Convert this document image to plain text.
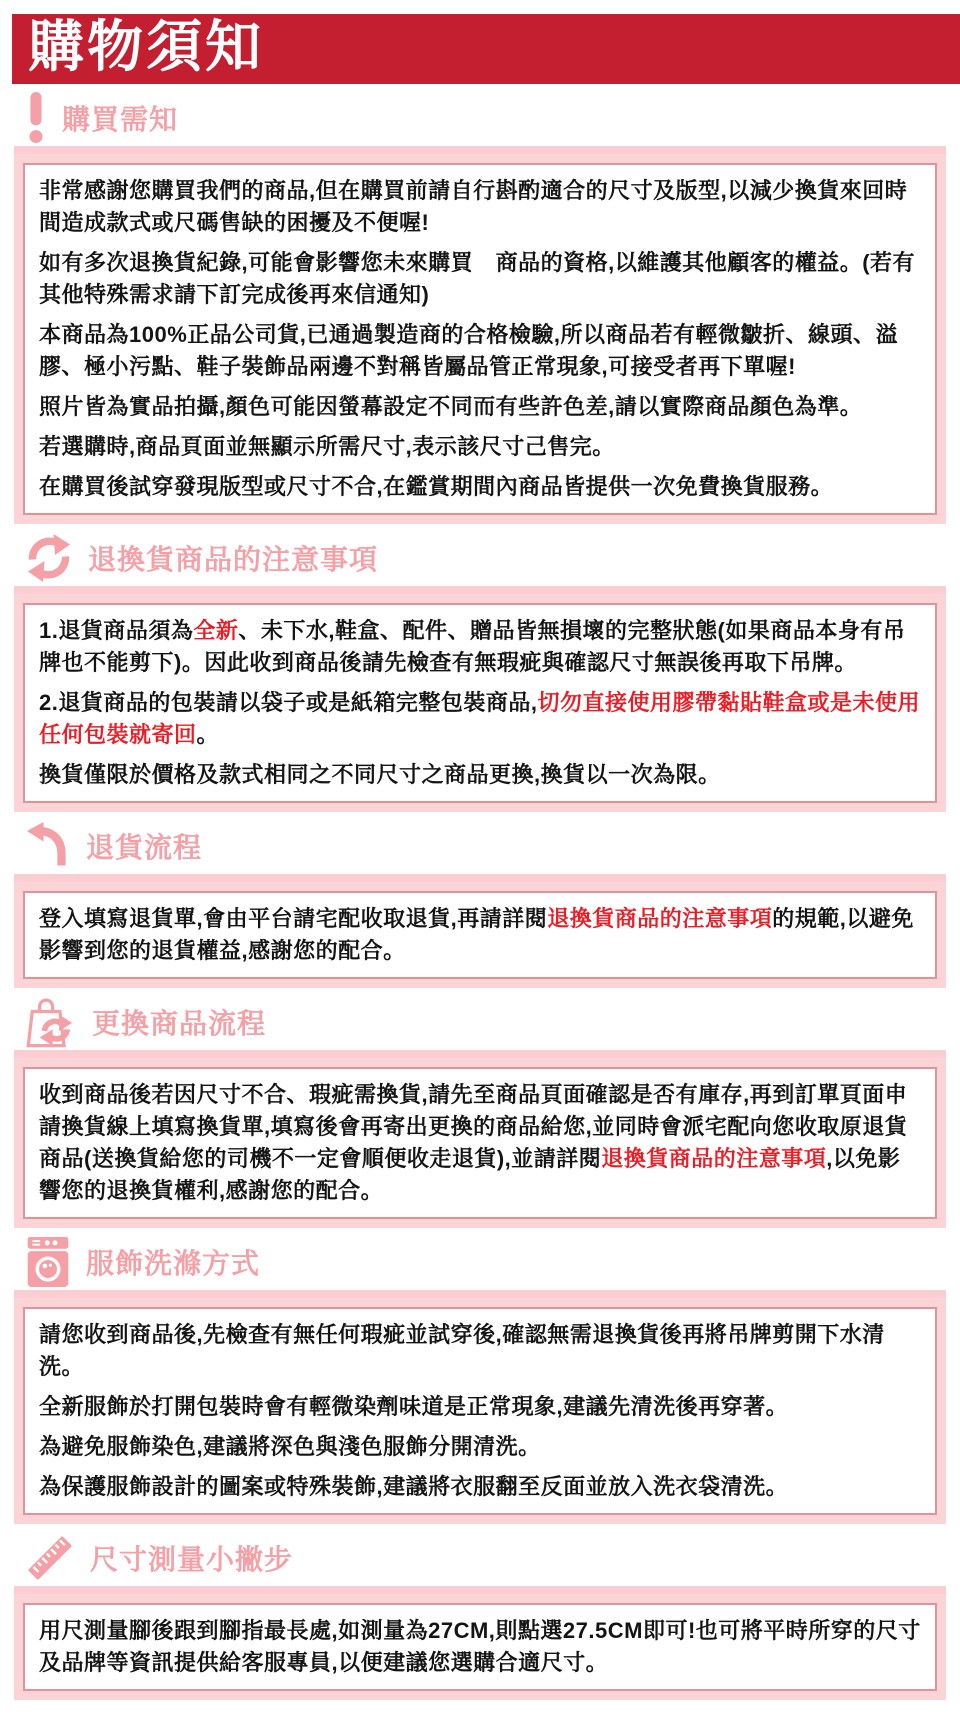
購物須知
購買需知

非常感謝您購買我們的商品,但在購買前請自行斟酌適合的尺寸及版型,以減少換貨來回時間造成款式或尺碼售缺的困擾及不便喔!

如有多次退換貨紀錄,可能會影響您未來購買　商品的資格,以維護其他顧客的權益。(若有其他特殊需求請下訂完成後再來信通知)

本商品為100%正品公司貨,已通過製造商的合格檢驗,所以商品若有輕微皺折、線頭、溢膠、極小污點、鞋子裝飾品兩邊不對稱皆屬品管正常現象,可接受者再下單喔!

照片皆為實品拍攝,顏色可能因螢幕設定不同而有些許色差,請以實際商品顏色為準。

若選購時,商品頁面並無顯示所需尺寸,表示該尺寸己售完。

在購買後試穿發現版型或尺寸不合,在鑑賞期間內商品皆提供一次免費換貨服務。

退換貨商品的注意事項

1.退貨商品須為全新、未下水,鞋盒、配件、贈品皆無損壞的完整狀態(如果商品本身有吊牌也不能剪下)。因此收到商品後請先檢查有無瑕疵與確認尺寸無誤後再取下吊牌。

2.退貨商品的包裝請以袋子或是紙箱完整包裝商品,切勿直接使用膠帶黏貼鞋盒或是未使用任何包裝就寄回。

換貨僅限於價格及款式相同之不同尺寸之商品更換,換貨以一次為限。

退貨流程

登入填寫退貨單,會由平台請宅配收取退貨,再請詳閱退換貨商品的注意事項的規範,以避免影響到您的退貨權益,感謝您的配合。

更換商品流程

收到商品後若因尺寸不合、瑕疵需換貨,請先至商品頁面確認是否有庫存,再到訂單頁面申請換貨線上填寫換貨單,填寫後會再寄出更換的商品給您,並同時會派宅配向您收取原退貨商品(送換貨給您的司機不一定會順便收走退貨),並請詳閱退換貨商品的注意事項,以免影響您的退換貨權利,感謝您的配合。

服飾洗滌方式

請您收到商品後,先檢查有無任何瑕疵並試穿後,確認無需退換貨後再將吊牌剪開下水清洗。

全新服飾於打開包裝時會有輕微染劑味道是正常現象,建議先清洗後再穿著。

為避免服飾染色,建議將深色與淺色服飾分開清洗。

為保護服飾設計的圖案或特殊裝飾,建議將衣服翻至反面並放入洗衣袋清洗。

尺寸測量小撇步

用尺測量腳後跟到腳指最長處,如測量為27CM,則點選27.5CM即可!也可將平時所穿的尺寸及品牌等資訊提供給客服專員,以便建議您選購合適尺寸。
